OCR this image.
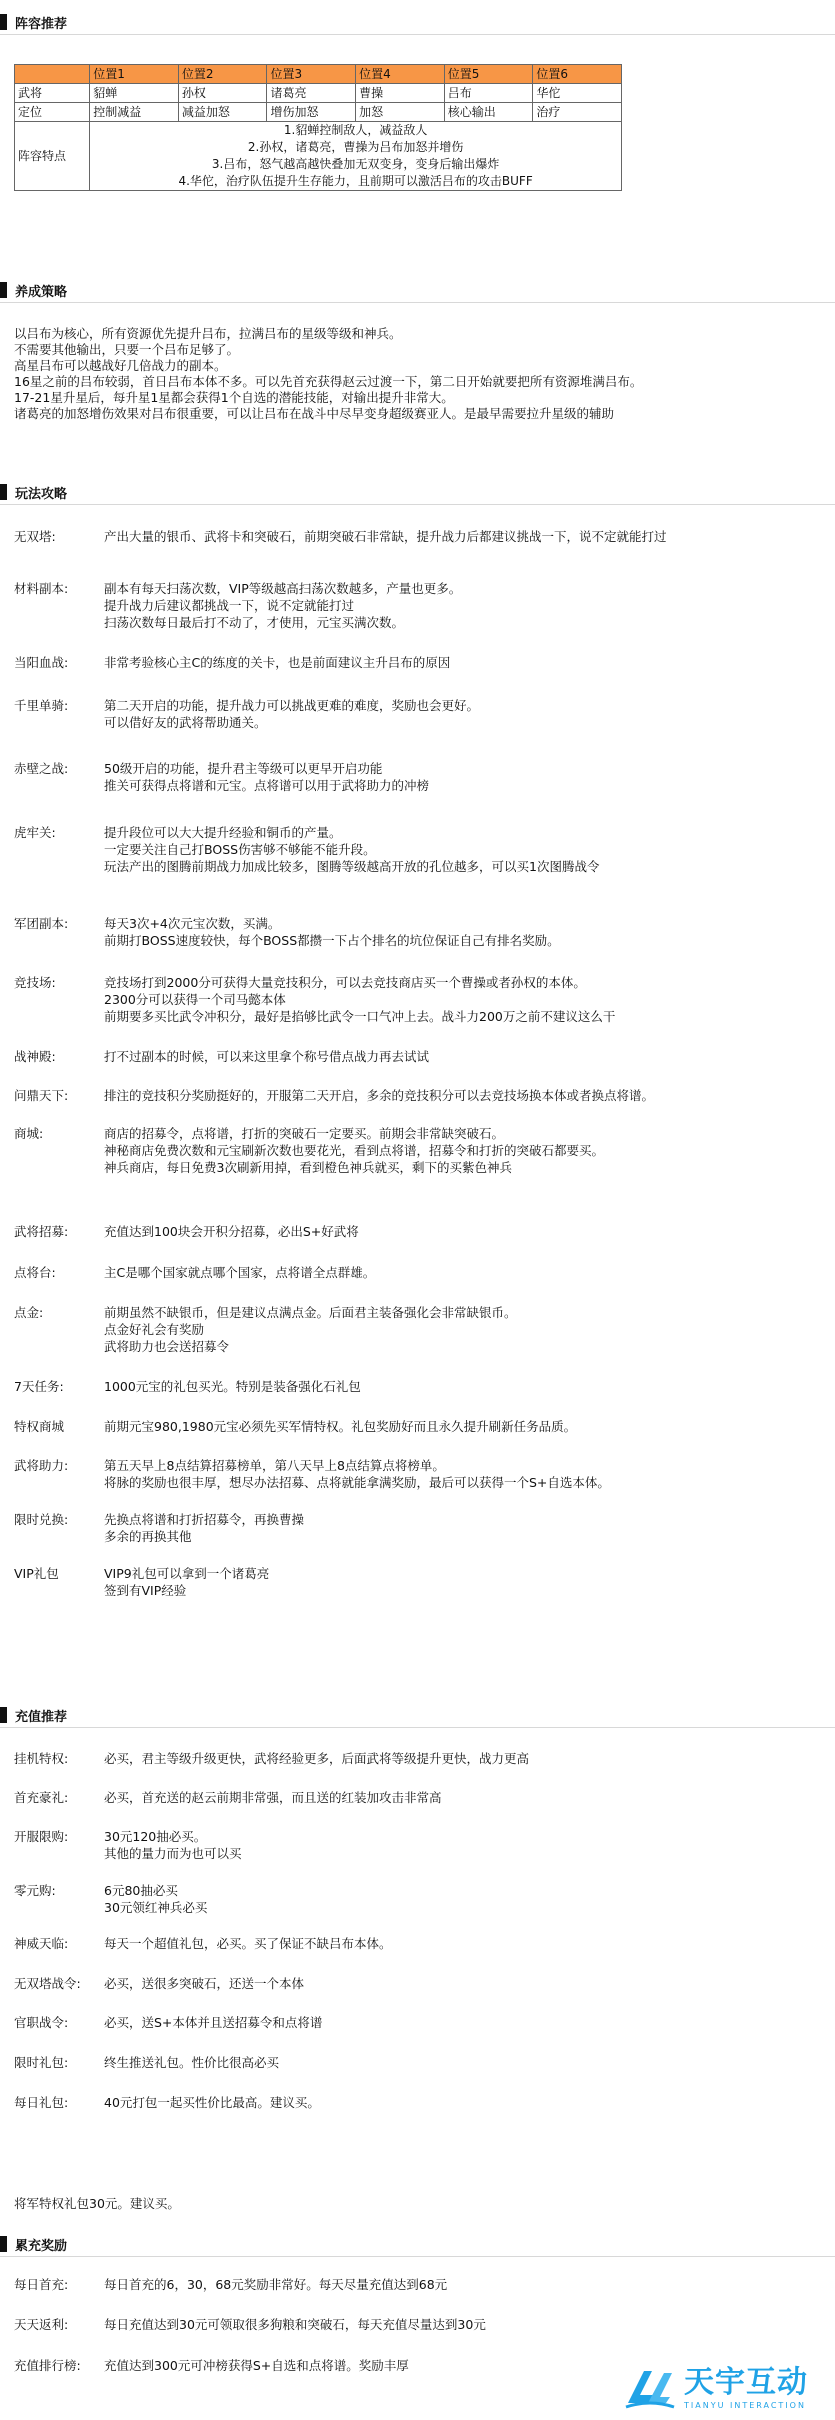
阵容推荐
	位置1	位置2	位置3	位置4	位置5	位置6
武将	貂蝉	孙权	诸葛亮	曹操	吕布	华佗
定位	控制减益	减益加怒	增伤加怒	加怒	核心输出	治疗
阵容特点	1.貂蝉控制敌人，减益敌人
2.孙权，诸葛亮，曹操为吕布加怒并增伤
3.吕布，怒气越高越快叠加无双变身，变身后输出爆炸
4.华佗，治疗队伍提升生存能力，且前期可以激活吕布的攻击BUFF					
养成策略
以吕布为核心，所有资源优先提升吕布，拉满吕布的星级等级和神兵。
不需要其他输出，只要一个吕布足够了。
高星吕布可以越战好几倍战力的副本。
16星之前的吕布较弱，首日吕布本体不多。可以先首充获得赵云过渡一下，第二日开始就要把所有资源堆满吕布。
17-21星升星后，每升星1星都会获得1个自选的潜能技能，对输出提升非常大。
诸葛亮的加怒增伤效果对吕布很重要，可以让吕布在战斗中尽早变身超级赛亚人。是最早需要拉升星级的辅助
玩法攻略
无双塔:	产出大量的银币、武将卡和突破石，前期突破石非常缺，提升战力后都建议挑战一下，说不定就能打过
材料副本:	副本有每天扫荡次数，VIP等级越高扫荡次数越多，产量也更多。
提升战力后建议都挑战一下，说不定就能打过
扫荡次数每日最后打不动了，才使用，元宝买满次数。
当阳血战:	非常考验核心主C的练度的关卡，也是前面建议主升吕布的原因
千里单骑:	第二天开启的功能，提升战力可以挑战更难的难度，奖励也会更好。
可以借好友的武将帮助通关。
赤壁之战:	50级开启的功能，提升君主等级可以更早开启功能
推关可获得点将谱和元宝。点将谱可以用于武将助力的冲榜
虎牢关:	提升段位可以大大提升经验和铜币的产量。
一定要关注自己打BOSS伤害够不够能不能升段。
玩法产出的图腾前期战力加成比较多，图腾等级越高开放的孔位越多，可以买1次图腾战令
军团副本:	每天3次+4次元宝次数，买满。
前期打BOSS速度较快，每个BOSS都攒一下占个排名的坑位保证自己有排名奖励。
竞技场:	竞技场打到2000分可获得大量竞技积分，可以去竞技商店买一个曹操或者孙权的本体。
2300分可以获得一个司马懿本体
前期要多买比武令冲积分，最好是掐够比武令一口气冲上去。战斗力200万之前不建议这么干
战神殿:	打不过副本的时候，可以来这里拿个称号借点战力再去试试
问鼎天下:	排注的竞技积分奖励挺好的，开服第二天开启，多余的竞技积分可以去竞技场换本体或者换点将谱。
商城:	商店的招募令，点将谱，打折的突破石一定要买。前期会非常缺突破石。
神秘商店免费次数和元宝刷新次数也要花光，看到点将谱，招募令和打折的突破石都要买。
神兵商店，每日免费3次刷新用掉，看到橙色神兵就买，剩下的买紫色神兵
武将招募:	充值达到100块会开积分招募，必出S+好武将
点将台:	主C是哪个国家就点哪个国家，点将谱全点群雄。
点金:	前期虽然不缺银币，但是建议点满点金。后面君主装备强化会非常缺银币。
点金好礼会有奖励
武将助力也会送招募令
7天任务:	1000元宝的礼包买光。特别是装备强化石礼包
特权商城	前期元宝980,1980元宝必须先买军情特权。礼包奖励好而且永久提升刷新任务品质。
武将助力:	第五天早上8点结算招募榜单，第八天早上8点结算点将榜单。
将脉的奖励也很丰厚，想尽办法招募、点将就能拿满奖励，最后可以获得一个S+自选本体。
限时兑换:	先换点将谱和打折招募令，再换曹操
多余的再换其他
VIP礼包	VIP9礼包可以拿到一个诸葛亮
签到有VIP经验
充值推荐
挂机特权:	必买，君主等级升级更快，武将经验更多，后面武将等级提升更快，战力更高
首充豪礼:	必买，首充送的赵云前期非常强，而且送的红装加攻击非常高
开服限购:	30元120抽必买。
其他的量力而为也可以买
零元购:	6元80抽必买
30元领红神兵必买
神威天临:	每天一个超值礼包，必买。买了保证不缺吕布本体。
无双塔战令:	必买，送很多突破石，还送一个本体
官职战令:	必买，送S+本体并且送招募令和点将谱
限时礼包:	终生推送礼包。性价比很高必买
每日礼包:	40元打包一起买性价比最高。建议买。
将军特权礼包30元。建议买。
累充奖励
每日首充:	每日首充的6，30，68元奖励非常好。每天尽量充值达到68元
天天返利:	每日充值达到30元可领取很多狗粮和突破石，每天充值尽量达到30元
充值排行榜:	充值达到300元可冲榜获得S+自选和点将谱。奖励丰厚	天宇互动
TIANYU INTERACTION
